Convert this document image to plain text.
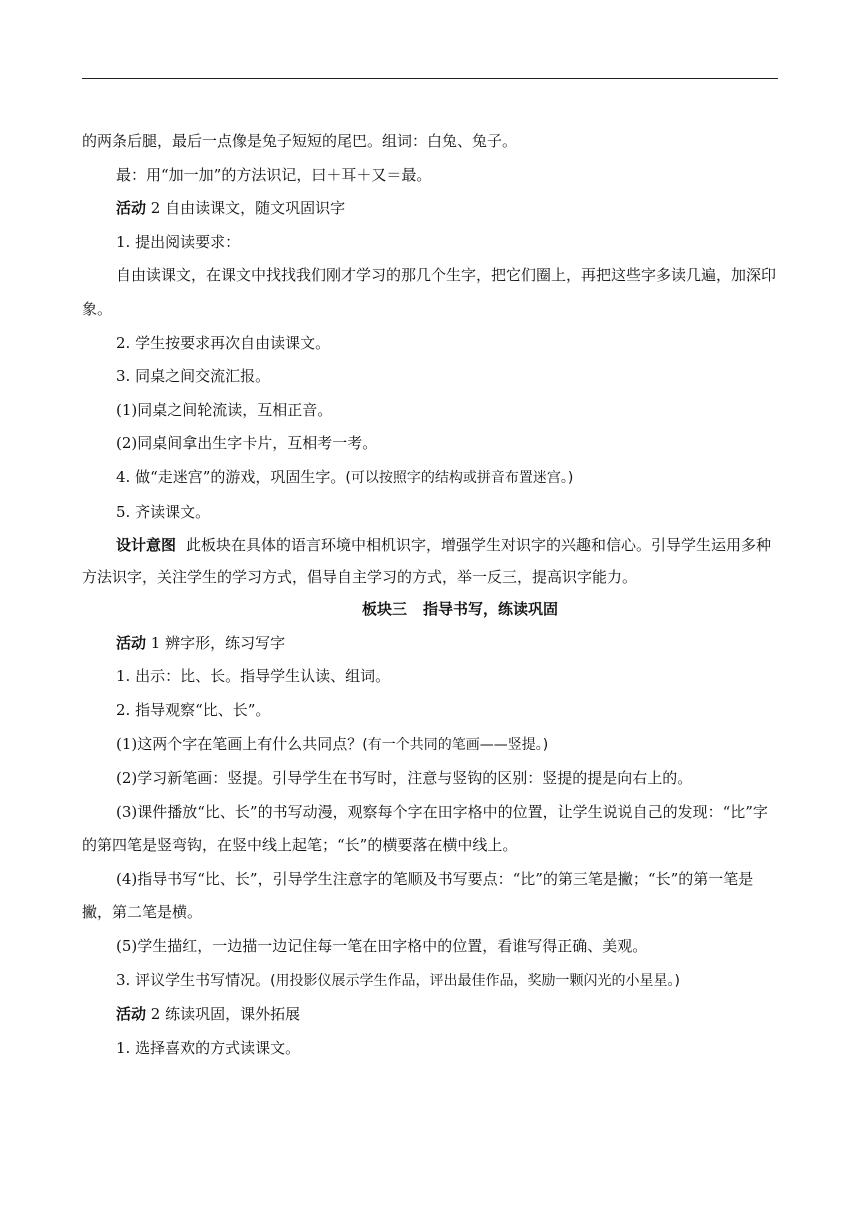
的两条后腿，最后一点像是兔子短短的尾巴。组词：白兔、兔子。

最：用“加一加”的方法识记，曰＋耳＋又＝最。

活动 2 自由读课文，随文巩固识字

1. 提出阅读要求：

自由读课文，在课文中找找我们刚才学习的那几个生字，把它们圈上，再把这些字多读几遍，加深印象。

2. 学生按要求再次自由读课文。

3. 同桌之间交流汇报。

(1)同桌之间轮流读，互相正音。

(2)同桌间拿出生字卡片，互相考一考。

4. 做“走迷宫”的游戏，巩固生字。(可以按照字的结构或拼音布置迷宫。)

5. 齐读课文。

设计意图 此板块在具体的语言环境中相机识字，增强学生对识字的兴趣和信心。引导学生运用多种方法识字，关注学生的学习方式，倡导自主学习的方式，举一反三，提高识字能力。

板块三 指导书写，练读巩固

活动 1 辨字形，练习写字

1. 出示：比、长。指导学生认读、组词。

2. 指导观察“比、长”。

(1)这两个字在笔画上有什么共同点？(有一个共同的笔画——竖提。)

(2)学习新笔画：竖提。引导学生在书写时，注意与竖钩的区别：竖提的提是向右上的。

(3)课件播放“比、长”的书写动漫，观察每个字在田字格中的位置，让学生说说自己的发现：“比”字的第四笔是竖弯钩，在竖中线上起笔；“长”的横要落在横中线上。

(4)指导书写“比、长”，引导学生注意字的笔顺及书写要点：“比”的第三笔是撇；“长”的第一笔是撇，第二笔是横。

(5)学生描红，一边描一边记住每一笔在田字格中的位置，看谁写得正确、美观。

3. 评议学生书写情况。(用投影仪展示学生作品，评出最佳作品，奖励一颗闪光的小星星。)

活动 2 练读巩固，课外拓展

1. 选择喜欢的方式读课文。
